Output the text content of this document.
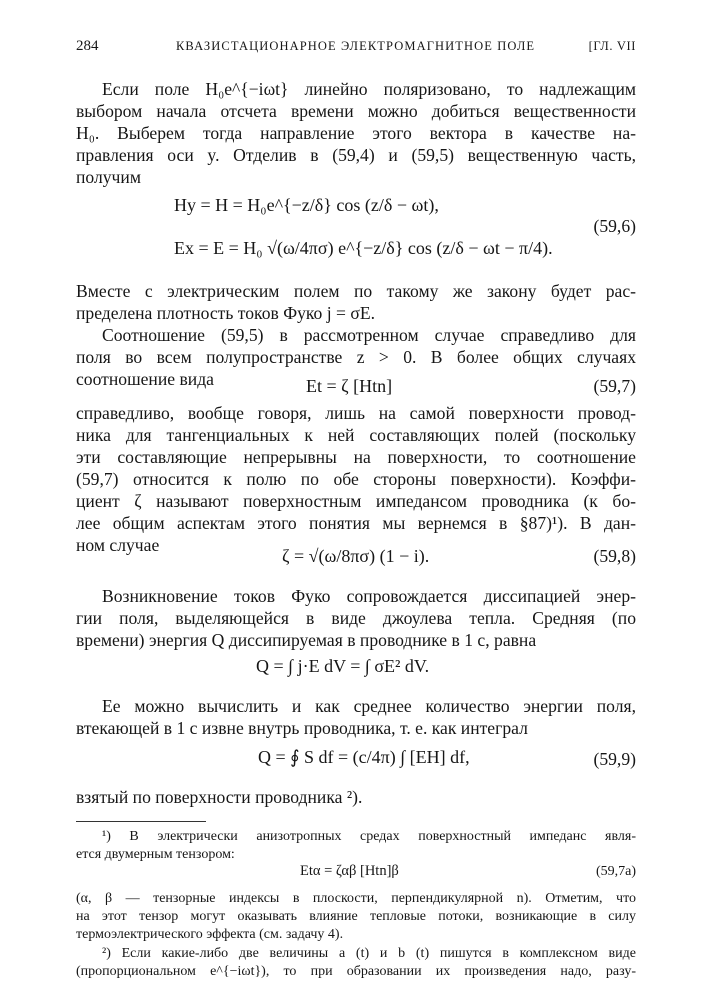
284	КВАЗИСТАЦИОНАРНОЕ ЭЛЕКТРОМАГНИТНОЕ ПОЛЕ	[ГЛ. VII
Если поле H₀e^{−iωt} линейно поляризовано, то надлежащим
выбором начала отсчета времени можно добиться вещественности
H₀. Выберем тогда направление этого вектора в качестве на-
правления оси y. Отделив в (59,4) и (59,5) вещественную часть,
получим
Hy = H = H₀e^{−z/δ} cos (z/δ − ωt),
Ex = E = H₀ √(ω/4πσ) e^{−z/δ} cos (z/δ − ωt − π/4).
(59,6)
Вместе с электрическим полем по такому же закону будет рас-
пределена плотность токов Фуко j = σE.
Соотношение (59,5) в рассмотренном случае справедливо для
поля во всем полупространстве z > 0. В более общих случаях
соотношение вида	Et = ζ [Htn]	(59,7)
справедливо, вообще говоря, лишь на самой поверхности провод-
ника для тангенциальных к ней составляющих полей (поскольку
эти составляющие непрерывны на поверхности, то соотношение
(59,7) относится к полю по обе стороны поверхности). Коэффи-
циент ζ называют поверхностным импедансом проводника (к бо-
лее общим аспектам этого понятия мы вернемся в §87)¹). В дан-
ном случае
ζ = √(ω/8πσ) (1 − i).	(59,8)
Возникновение токов Фуко сопровождается диссипацией энер-
гии поля, выделяющейся в виде джоулева тепла. Средняя (по
времени) энергия Q диссипируемая в проводнике в 1 с, равна
Q = ∫ j·E dV = ∫ σE² dV.
Ее можно вычислить и как среднее количество энергии поля,
втекающей в 1 с извне внутрь проводника, т. е. как интеграл
Q = ∮ S df = (c/4π) ∫ [EH] df,	(59,9)
взятый по поверхности проводника ²).
¹) В электрически анизотропных средах поверхностный импеданс явля-
ется двумерным тензором:
Etα = ζαβ [Htn]β	(59,7а)
(α, β — тензорные индексы в плоскости, перпендикулярной n). Отметим, что
на этот тензор могут оказывать влияние тепловые потоки, возникающие в силу
термоэлектрического эффекта (см. задачу 4).
²) Если какие-либо две величины a (t) и b (t) пишутся в комплексном виде
(пропорциональном e^{−iωt}), то при образовании их произведения надо, разу-
